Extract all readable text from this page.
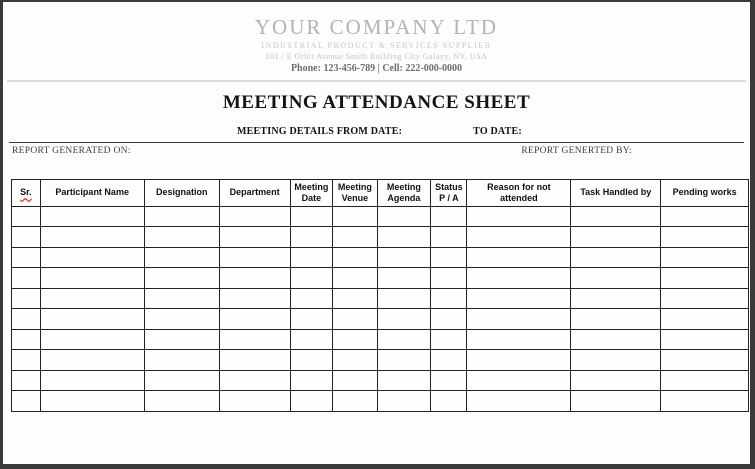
YOUR COMPANY LTD
INDUSTRIAL PRODUCT & SERVICES SUPPLIER
101 / E Orbit Avenue Smith Building City Galaxy, NY, USA
Phone: 123-456-789 | Cell: 222-000-0000
MEETING ATTENDANCE SHEET
MEETING DETAILS FROM DATE:	TO DATE:
REPORT GENERATED ON:	REPORT GENERTED BY:
Sr.	Participant Name	Designation	Department	Meeting Date	Meeting Venue	Meeting Agenda	Status P / A	Reason for not attended	Task Handled by	Pending works
